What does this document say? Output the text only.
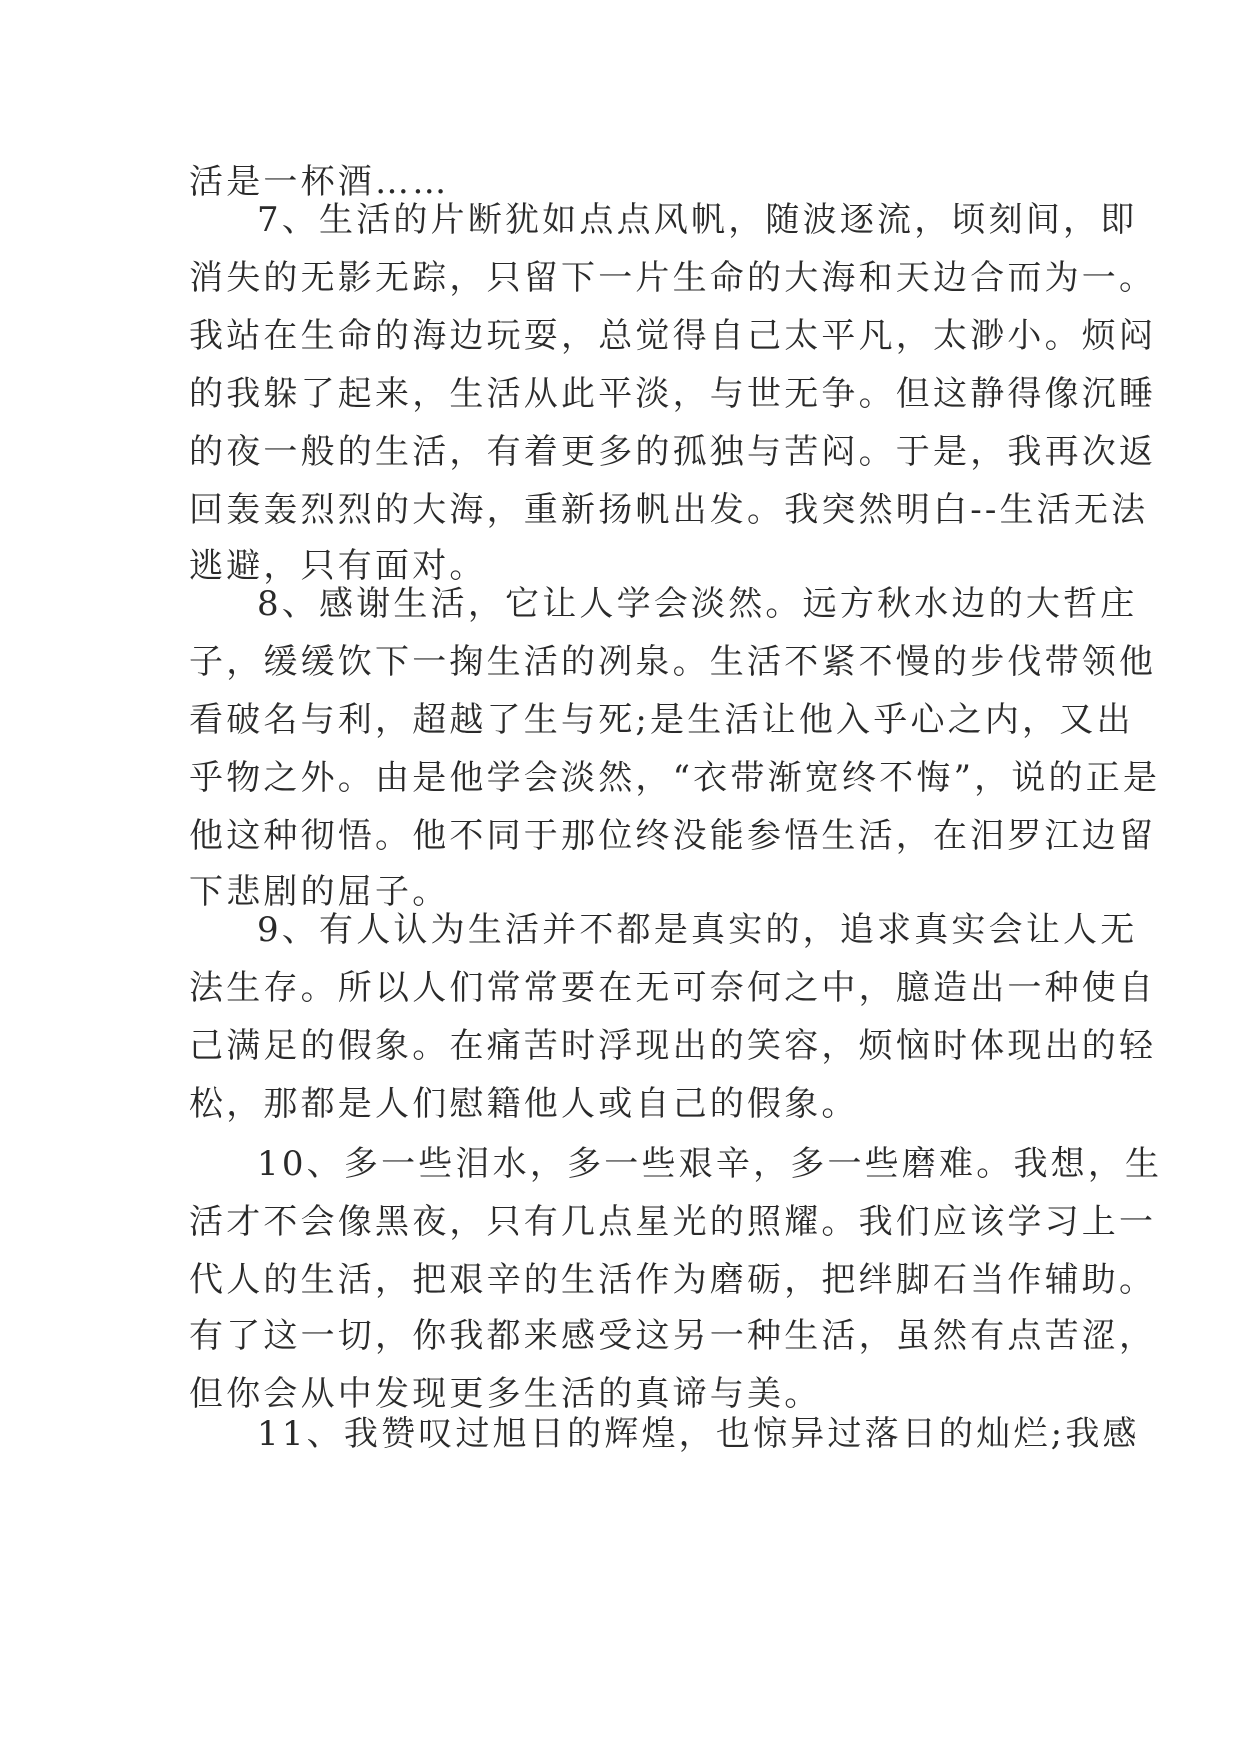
活是一杯酒……
7、生活的片断犹如点点风帆，随波逐流，顷刻间，即
消失的无影无踪，只留下一片生命的大海和天边合而为一。
我站在生命的海边玩耍，总觉得自己太平凡，太渺小。烦闷
的我躲了起来，生活从此平淡，与世无争。但这静得像沉睡
的夜一般的生活，有着更多的孤独与苦闷。于是，我再次返
回轰轰烈烈的大海，重新扬帆出发。我突然明白--生活无法
逃避，只有面对。
8、感谢生活，它让人学会淡然。远方秋水边的大哲庄
子，缓缓饮下一掬生活的冽泉。生活不紧不慢的步伐带领他
看破名与利，超越了生与死;是生活让他入乎心之内，又出
乎物之外。由是他学会淡然，“衣带渐宽终不悔”，说的正是
他这种彻悟。他不同于那位终没能参悟生活，在汨罗江边留
下悲剧的屈子。
9、有人认为生活并不都是真实的，追求真实会让人无
法生存。所以人们常常要在无可奈何之中，臆造出一种使自
己满足的假象。在痛苦时浮现出的笑容，烦恼时体现出的轻
松，那都是人们慰籍他人或自己的假象。
10、多一些泪水，多一些艰辛，多一些磨难。我想，生
活才不会像黑夜，只有几点星光的照耀。我们应该学习上一
代人的生活，把艰辛的生活作为磨砺，把绊脚石当作辅助。
有了这一切，你我都来感受这另一种生活，虽然有点苦涩，
但你会从中发现更多生活的真谛与美。
11、我赞叹过旭日的辉煌，也惊异过落日的灿烂;我感
